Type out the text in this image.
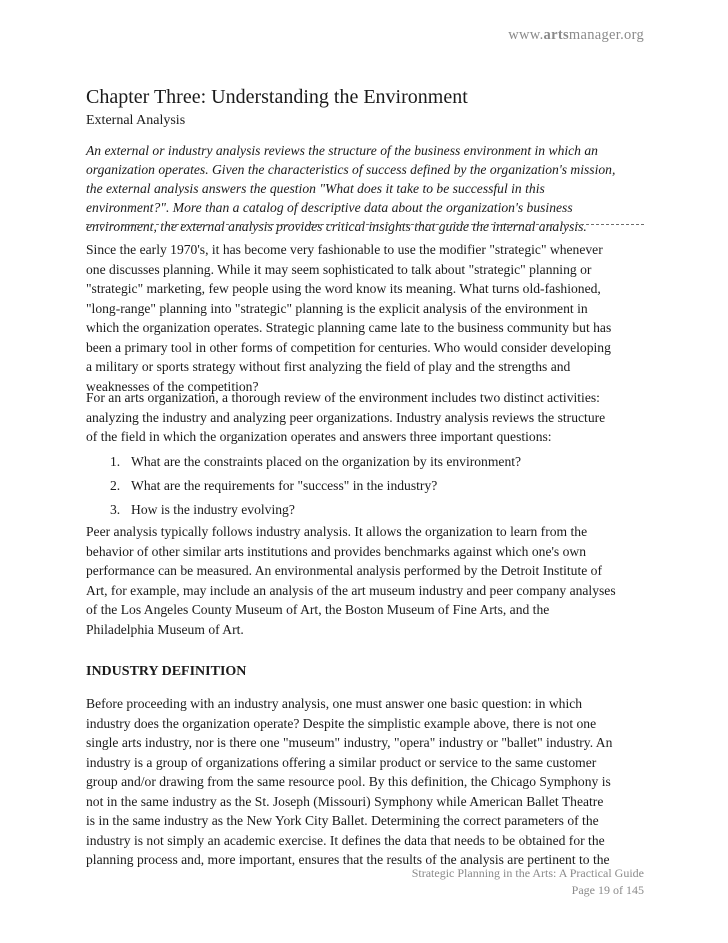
www.artsmanager.org
Chapter Three: Understanding the Environment
External Analysis

An external or industry analysis reviews the structure of the business environment in which an
organization operates. Given the characteristics of success defined by the organization's mission,
the external analysis answers the question "What does it take to be successful in this
environment?". More than a catalog of descriptive data about the organization's business
environment, the external analysis provides critical insights that guide the internal analysis.

Since the early 1970's, it has become very fashionable to use the modifier "strategic" whenever
one discusses planning. While it may seem sophisticated to talk about "strategic" planning or
"strategic" marketing, few people using the word know its meaning. What turns old-fashioned,
"long-range" planning into "strategic" planning is the explicit analysis of the environment in
which the organization operates. Strategic planning came late to the business community but has
been a primary tool in other forms of competition for centuries. Who would consider developing
a military or sports strategy without first analyzing the field of play and the strengths and
weaknesses of the competition?

For an arts organization, a thorough review of the environment includes two distinct activities:
analyzing the industry and analyzing peer organizations. Industry analysis reviews the structure
of the field in which the organization operates and answers three important questions:

1. What are the constraints placed on the organization by its environment?
2. What are the requirements for "success" in the industry?
3. How is the industry evolving?

Peer analysis typically follows industry analysis. It allows the organization to learn from the
behavior of other similar arts institutions and provides benchmarks against which one's own
performance can be measured. An environmental analysis performed by the Detroit Institute of
Art, for example, may include an analysis of the art museum industry and peer company analyses
of the Los Angeles County Museum of Art, the Boston Museum of Fine Arts, and the
Philadelphia Museum of Art.

INDUSTRY DEFINITION

Before proceeding with an industry analysis, one must answer one basic question: in which
industry does the organization operate? Despite the simplistic example above, there is not one
single arts industry, nor is there one "museum" industry, "opera" industry or "ballet" industry. An
industry is a group of organizations offering a similar product or service to the same customer
group and/or drawing from the same resource pool. By this definition, the Chicago Symphony is
not in the same industry as the St. Joseph (Missouri) Symphony while American Ballet Theatre
is in the same industry as the New York City Ballet. Determining the correct parameters of the
industry is not simply an academic exercise. It defines the data that needs to be obtained for the
planning process and, more important, ensures that the results of the analysis are pertinent to the

Strategic Planning in the Arts: A Practical Guide
Page 19 of 145
